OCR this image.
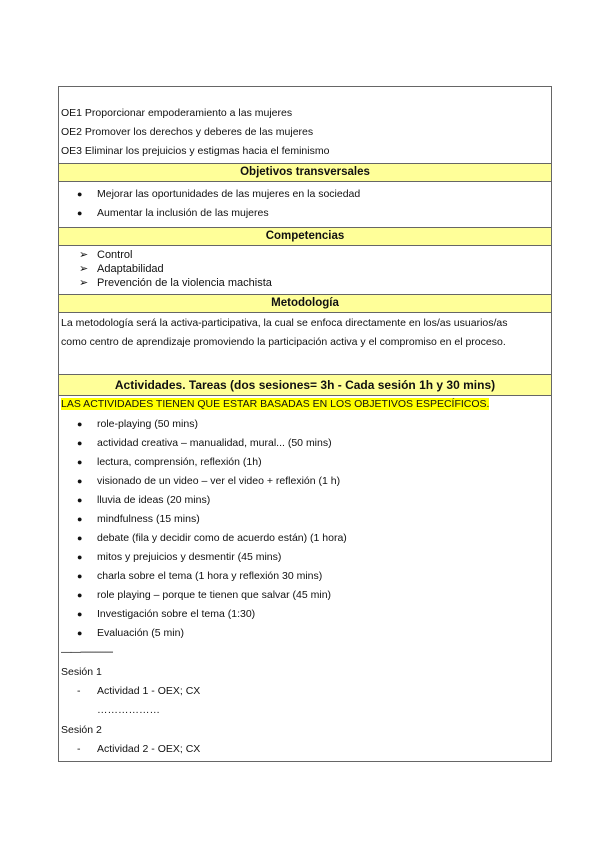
OE1 Proporcionar empoderamiento a las mujeres
OE2 Promover los derechos y deberes de las mujeres
OE3 Eliminar los prejuicios y estigmas hacia el feminismo
Objetivos transversales
● Mejorar las oportunidades de las mujeres en la sociedad
● Aumentar la inclusión de las mujeres
Competencias
➢ Control
➢ Adaptabilidad
➢ Prevención de la violencia machista
Metodología
La metodología será la activa-participativa, la cual se enfoca directamente en los/as usuarios/as
como centro de aprendizaje promoviendo la participación activa y el compromiso en el proceso.
Actividades. Tareas (dos sesiones= 3h - Cada sesión 1h y 30 mins)
LAS ACTIVIDADES TIENEN QUE ESTAR BASADAS EN LOS OBJETIVOS ESPECÍFICOS.
● role-playing (50 mins)
● actividad creativa – manualidad, mural... (50 mins)
● lectura, comprensión, reflexión (1h)
● visionado de un video – ver el video + reflexión (1 h)
● lluvia de ideas (20 mins)
● mindfulness (15 mins)
● debate (fila y decidir como de acuerdo están) (1 hora)
● mitos y prejuicios y desmentir (45 mins)
● charla sobre el tema (1 hora y reflexión 30 mins)
● role playing – porque te tienen que salvar (45 min)
● Investigación sobre el tema (1:30)
● Evaluación (5 min)
——-------------
Sesión 1
- Actividad 1 - OEX; CX
………………
Sesión 2
- Actividad 2 - OEX; CX
